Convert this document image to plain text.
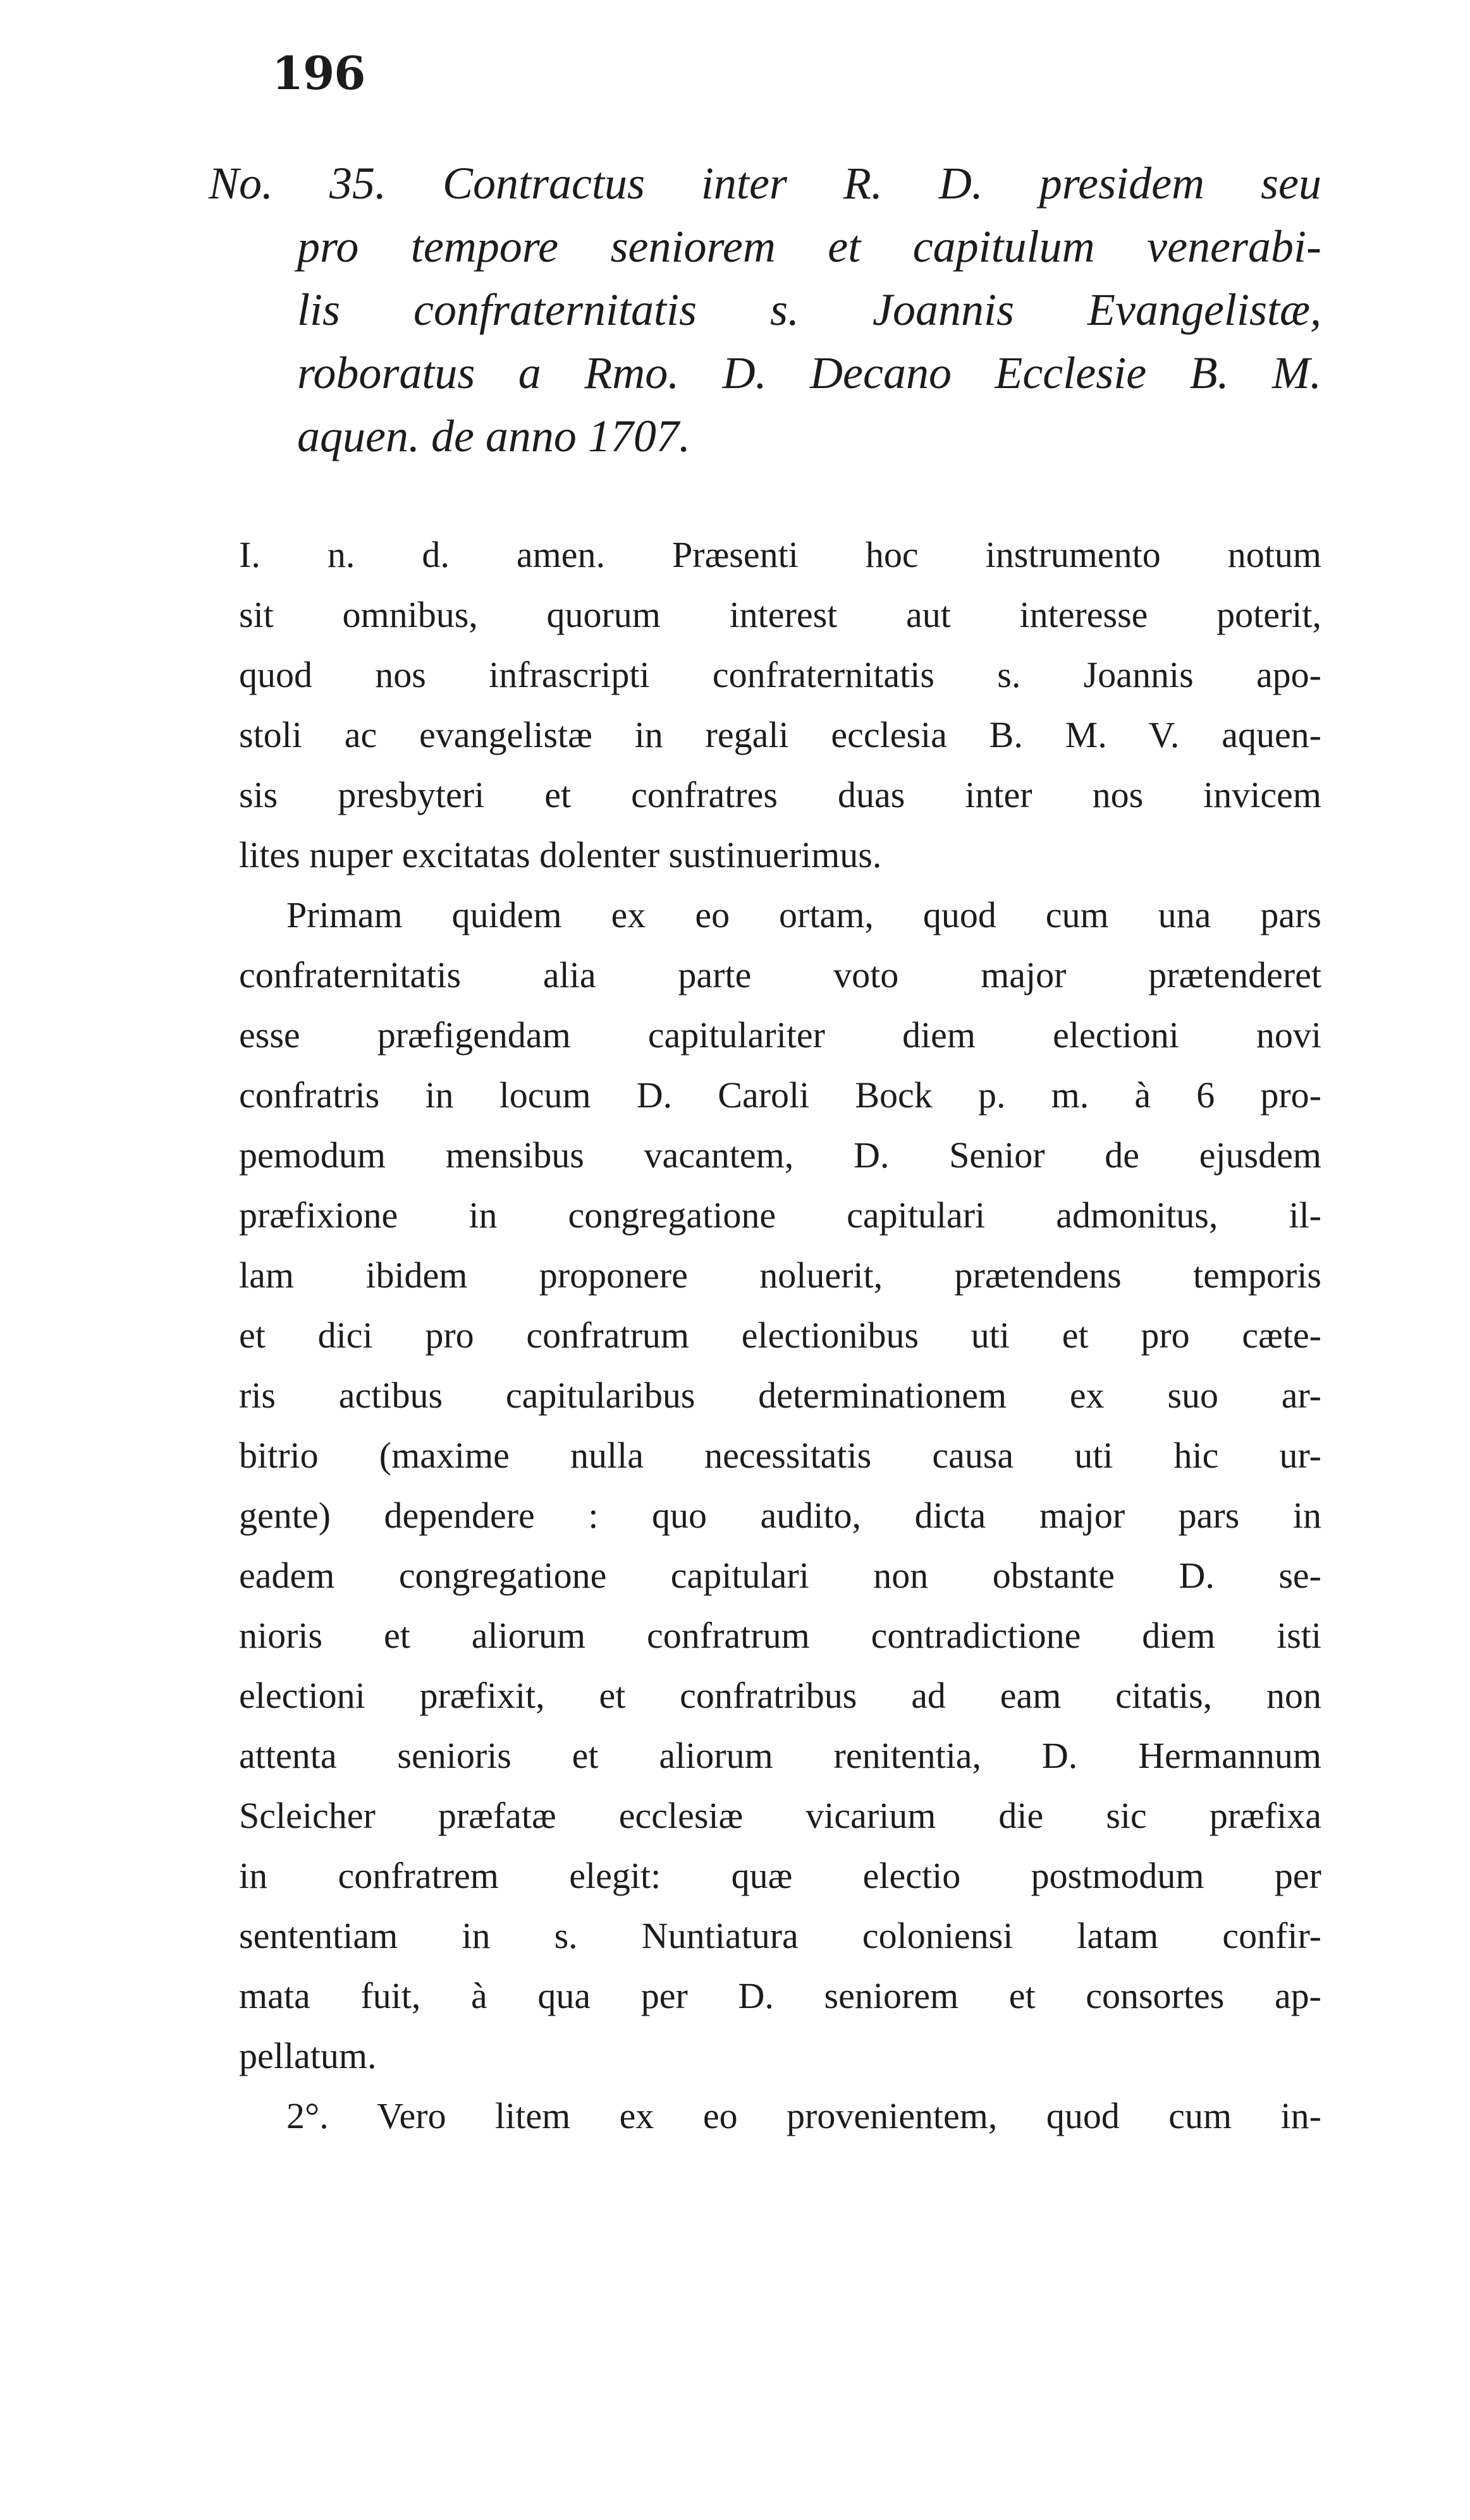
196
No. 35. Contractus inter R. D. presidem seu
pro tempore seniorem et capitulum venerabi-
lis confraternitatis s. Joannis Evangelistæ,
roboratus a Rmo. D. Decano Ecclesie B. M.
aquen. de anno 1707.
I. n. d. amen. Præsenti hoc instrumento notum
sit omnibus, quorum interest aut interesse poterit,
quod nos infrascripti confraternitatis s. Joannis apo-
stoli ac evangelistæ in regali ecclesia B. M. V. aquen-
sis presbyteri et confratres duas inter nos invicem
lites nuper excitatas dolenter sustinuerimus.
Primam quidem ex eo ortam, quod cum una pars
confraternitatis alia parte voto major prætenderet
esse præfigendam capitulariter diem electioni novi
confratris in locum D. Caroli Bock p. m. à 6 pro-
pemodum mensibus vacantem, D. Senior de ejusdem
præfixione in congregatione capitulari admonitus, il-
lam ibidem proponere noluerit, prætendens temporis
et dici pro confratrum electionibus uti et pro cæte-
ris actibus capitularibus determinationem ex suo ar-
bitrio (maxime nulla necessitatis causa uti hic ur-
gente) dependere : quo audito, dicta major pars in
eadem congregatione capitulari non obstante D. se-
nioris et aliorum confratrum contradictione diem isti
electioni præfixit, et confratribus ad eam citatis, non
attenta senioris et aliorum renitentia, D. Hermannum
Scleicher præfatæ ecclesiæ vicarium die sic præfixa
in confratrem elegit: quæ electio postmodum per
sententiam in s. Nuntiatura coloniensi latam confir-
mata fuit, à qua per D. seniorem et consortes ap-
pellatum.
2°. Vero litem ex eo provenientem, quod cum in-
